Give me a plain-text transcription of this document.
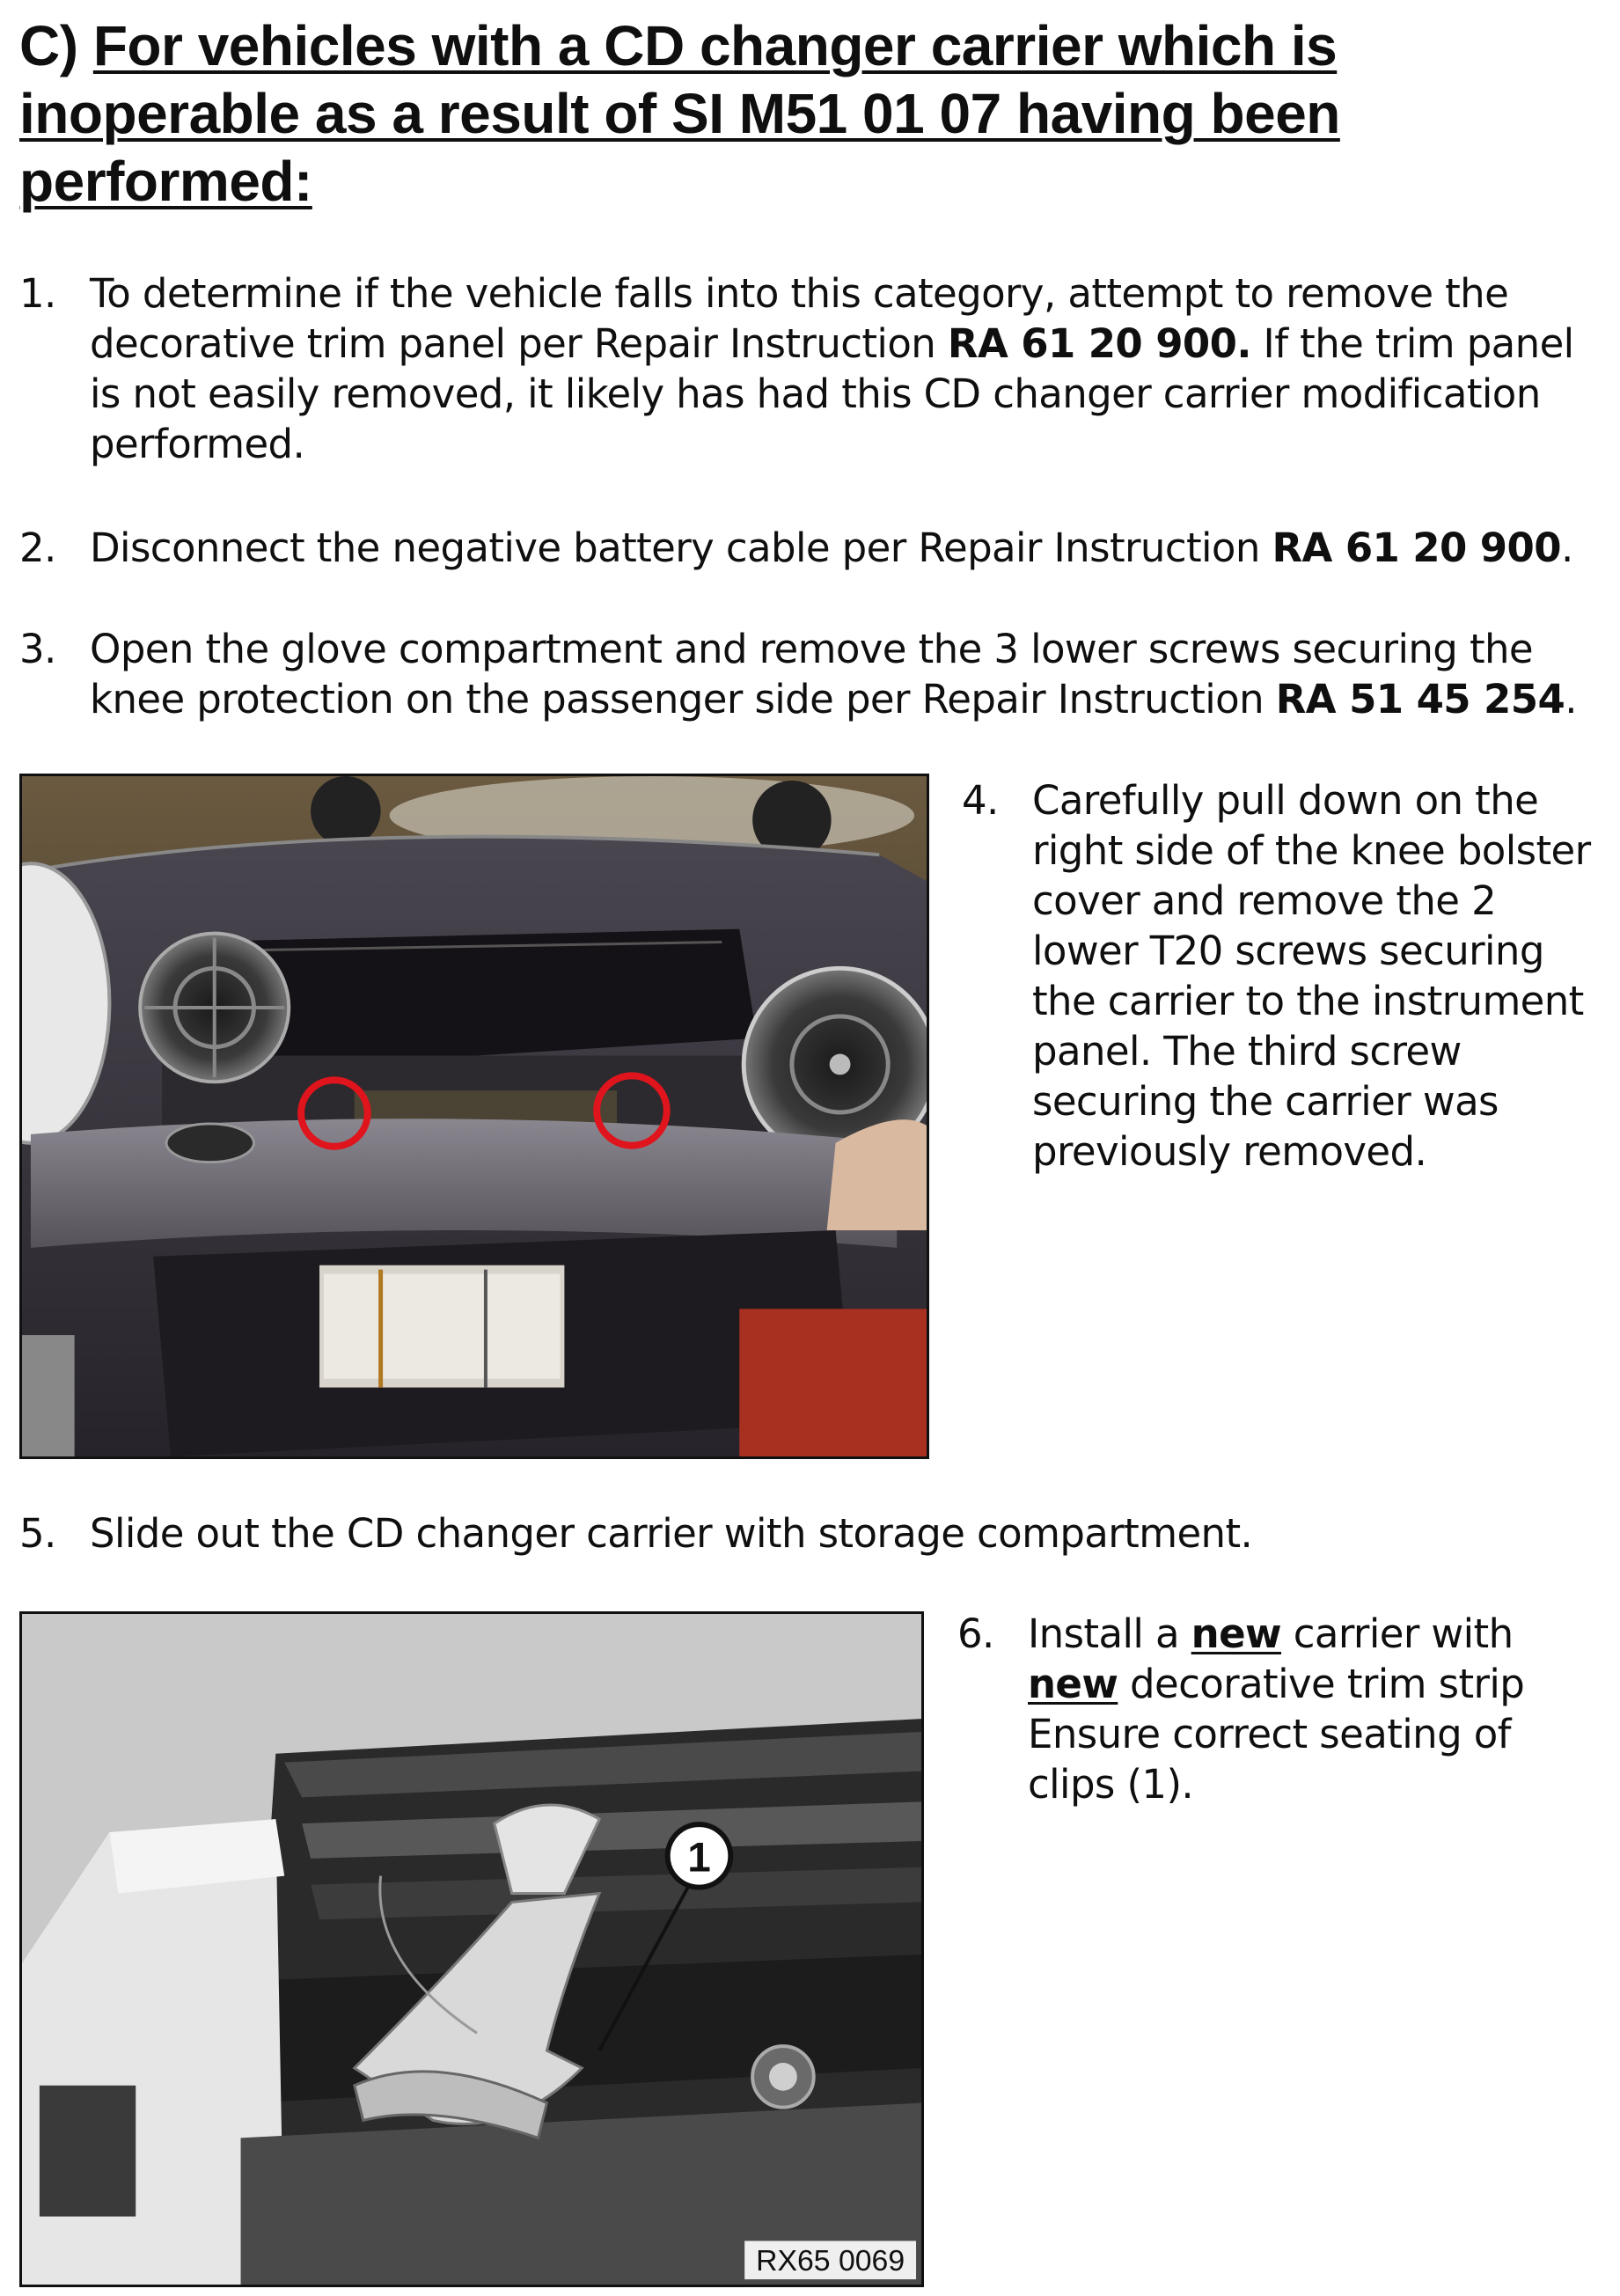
C) For vehicles with a CD changer carrier which is inoperable as a result of SI M51 01 07 having been performed:
1. To determine if the vehicle falls into this category, attempt to remove the decorative trim panel per Repair Instruction RA 61 20 900. If the trim panel is not easily removed, it likely has had this CD changer carrier modification performed.
2. Disconnect the negative battery cable per Repair Instruction RA 61 20 900.
3. Open the glove compartment and remove the 3 lower screws securing the knee protection on the passenger side per Repair Instruction RA 51 45 254.
4. Carefully pull down on the right side of the knee bolster cover and remove the 2 lower T20 screws securing the carrier to the instrument panel. The third screw securing the carrier was previously removed.
5. Slide out the CD changer carrier with storage compartment.
1
RX65 0069
6. Install a new carrier with new decorative trim strip Ensure correct seating of clips (1).
